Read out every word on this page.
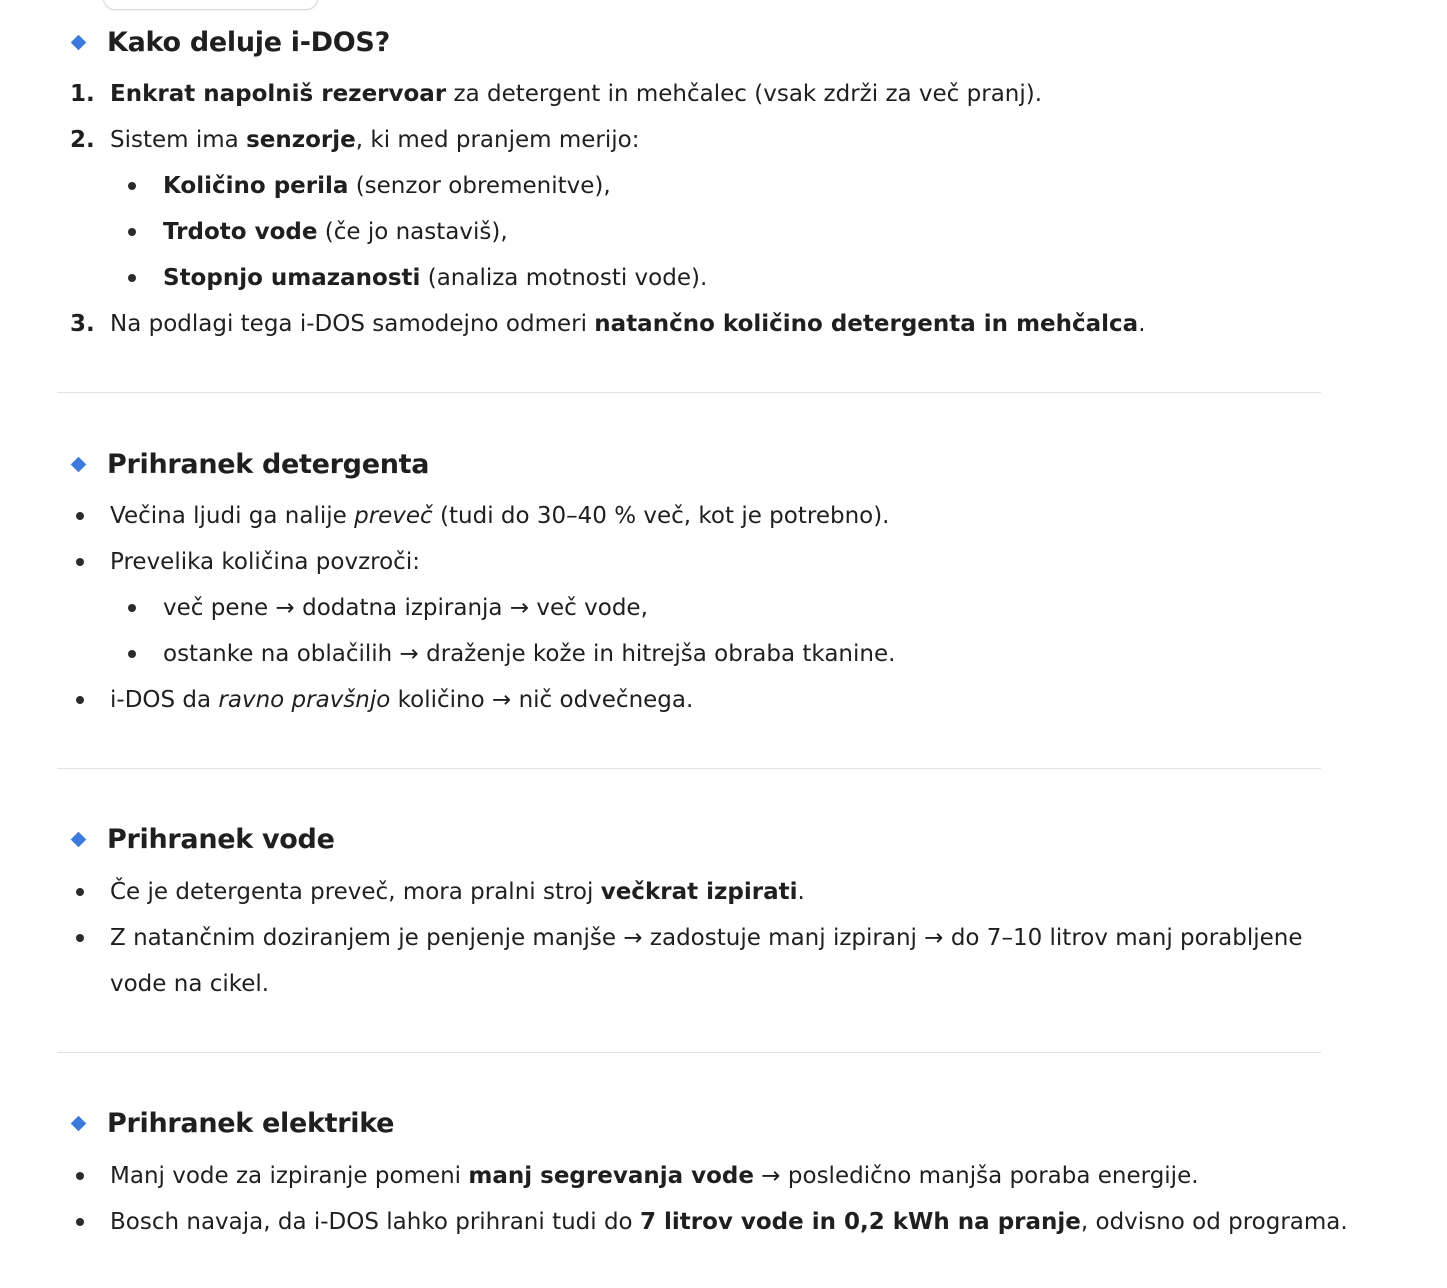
Kako deluje i-DOS?
1. Enkrat napolniš rezervoar za detergent in mehčalec (vsak zdrži za več pranj).
2. Sistem ima senzorje, ki med pranjem merijo:
Količino perila (senzor obremenitve),
Trdoto vode (če jo nastaviš),
Stopnjo umazanosti (analiza motnosti vode).
3. Na podlagi tega i-DOS samodejno odmeri natančno količino detergenta in mehčalca.
Prihranek detergenta
Večina ljudi ga nalije preveč (tudi do 30–40 % več, kot je potrebno).
Prevelika količina povzroči:
več pene → dodatna izpiranja → več vode,
ostanke na oblačilih → draženje kože in hitrejša obraba tkanine.
i-DOS da ravno pravšnjo količino → nič odvečnega.
Prihranek vode
Če je detergenta preveč, mora pralni stroj večkrat izpirati.
Z natančnim doziranjem je penjenje manjše → zadostuje manj izpiranj → do 7–10 litrov manj porabljene
vode na cikel.
Prihranek elektrike
Manj vode za izpiranje pomeni manj segrevanja vode → posledično manjša poraba energije.
Bosch navaja, da i-DOS lahko prihrani tudi do 7 litrov vode in 0,2 kWh na pranje, odvisno od programa.
